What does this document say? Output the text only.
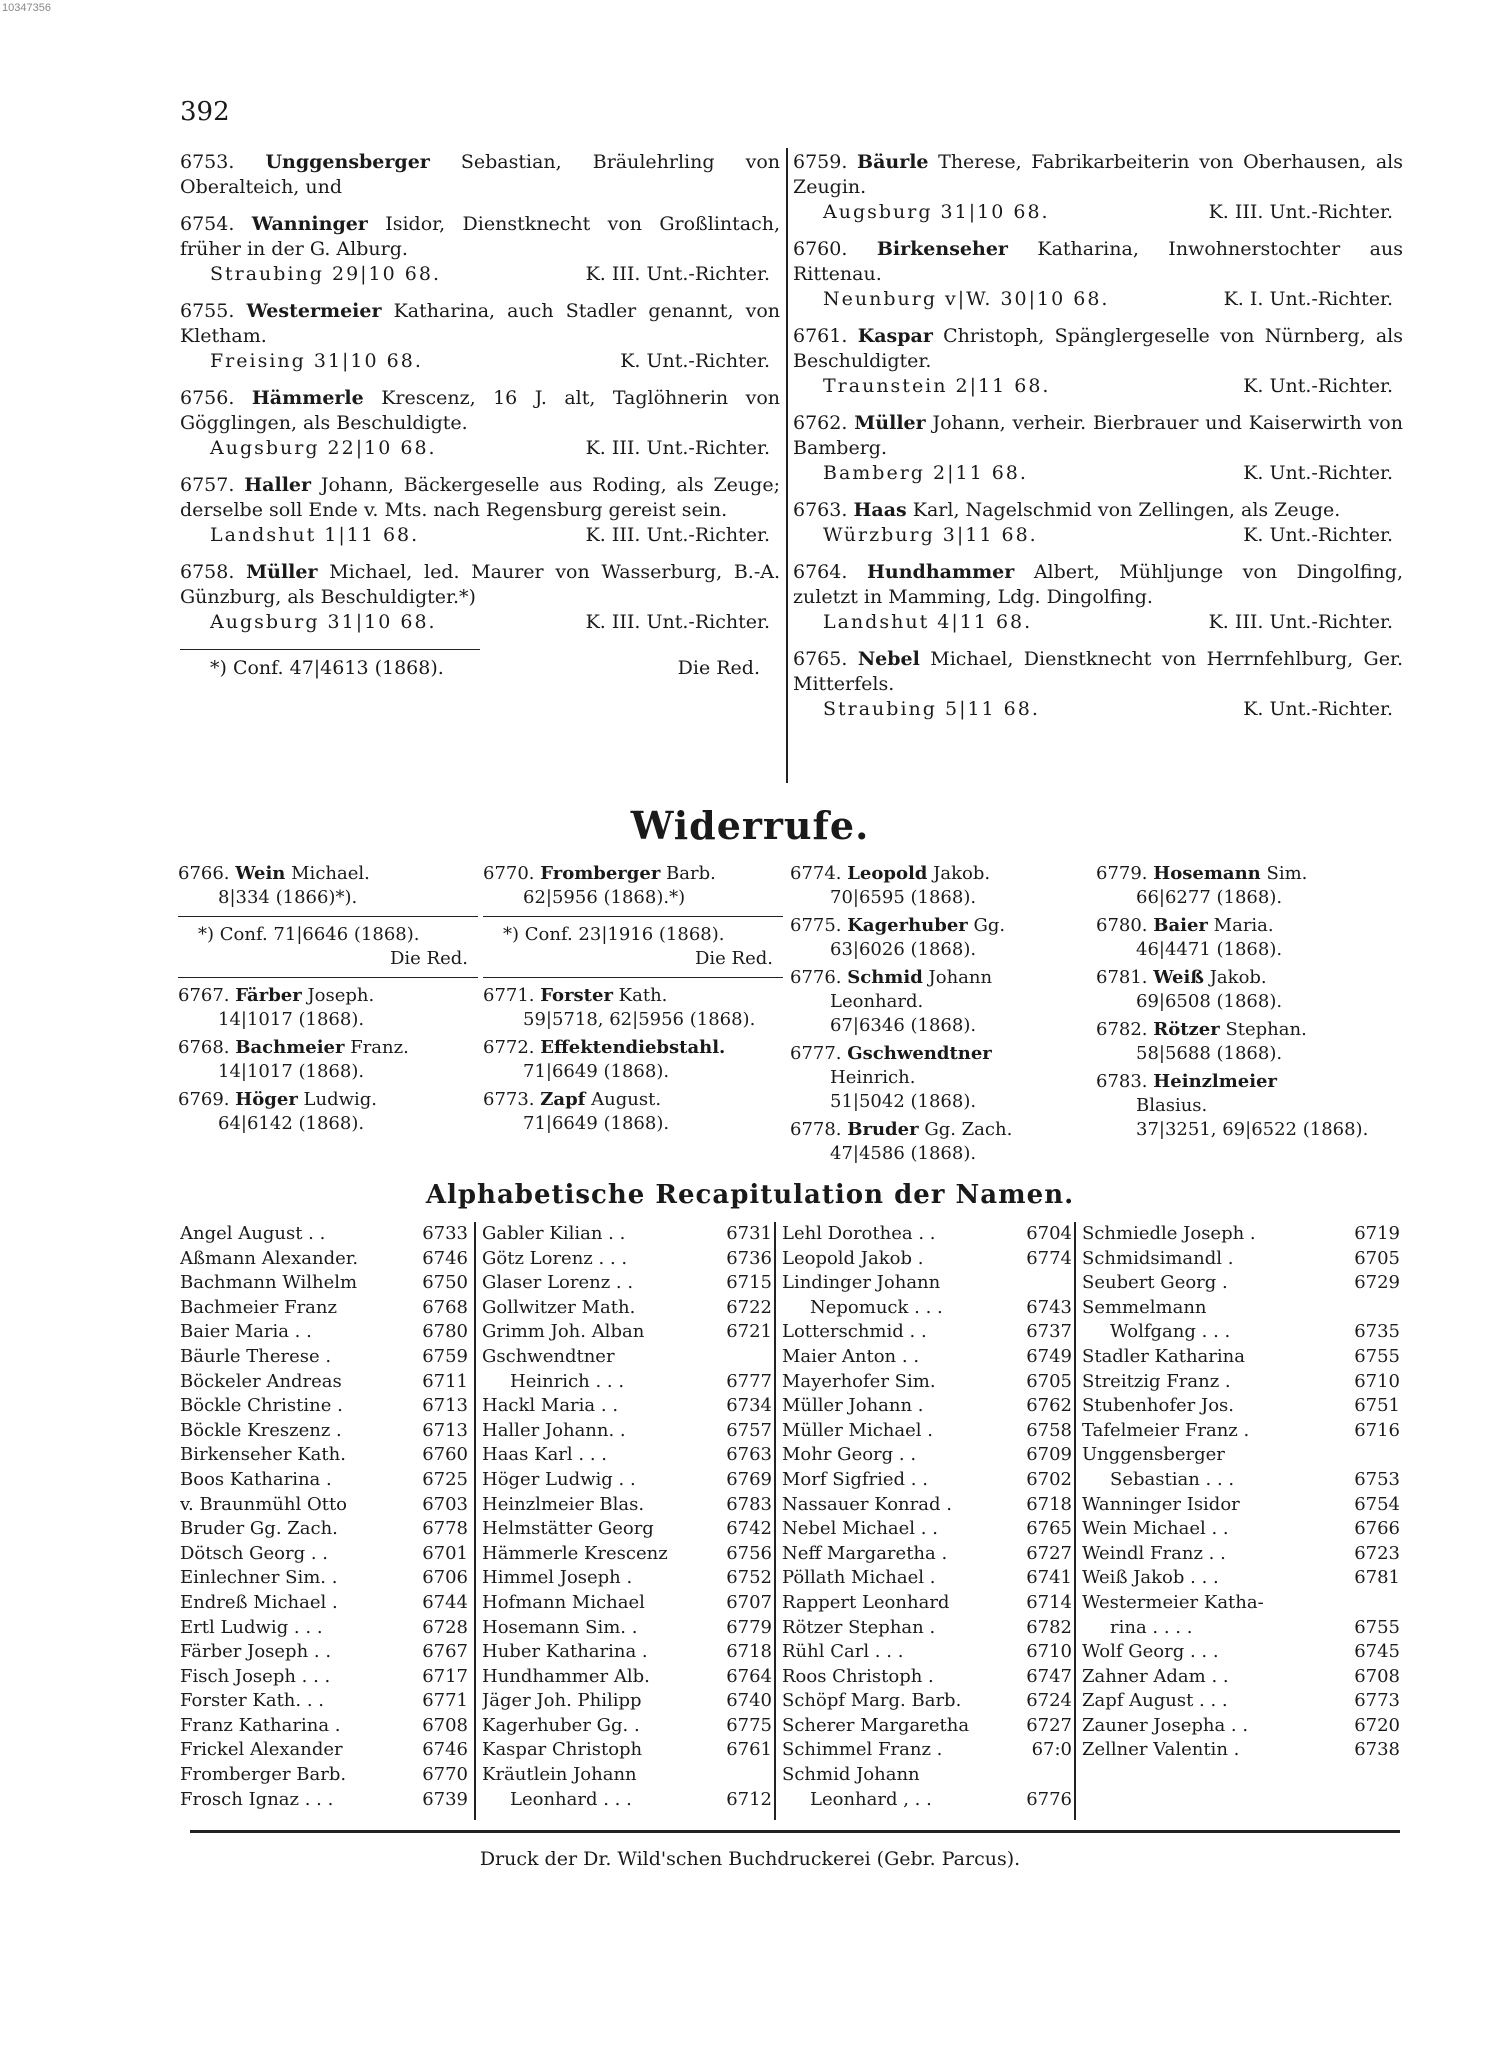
10347356
392

6753. Unggensberger Sebastian, Bräulehrling von Oberalteich, und

6754. Wanninger Isidor, Dienstknecht von Großlintach, früher in der G. Alburg.

Straubing 29|10 68.	K. III. Unt.-Richter.

6755. Westermeier Katharina, auch Stadler genannt, von Kletham.

Freising 31|10 68.	K. Unt.-Richter.

6756. Hämmerle Krescenz, 16 J. alt, Taglöhnerin von Gögglingen, als Beschuldigte.

Augsburg 22|10 68.	K. III. Unt.-Richter.

6757. Haller Johann, Bäckergeselle aus Roding, als Zeuge; derselbe soll Ende v. Mts. nach Regensburg gereist sein.

Landshut 1|11 68.	K. III. Unt.-Richter.

6758. Müller Michael, led. Maurer von Wasserburg, B.-A. Günzburg, als Beschuldigter.*)

Augsburg 31|10 68.	K. III. Unt.-Richter.
*) Conf. 47|4613 (1868).	Die Red.

6759. Bäurle Therese, Fabrikarbeiterin von Oberhausen, als Zeugin.

Augsburg 31|10 68.	K. III. Unt.-Richter.

6760. Birkenseher Katharina, Inwohnerstochter aus Rittenau.

Neunburg v|W. 30|10 68.	K. I. Unt.-Richter.

6761. Kaspar Christoph, Spänglergeselle von Nürnberg, als Beschuldigter.

Traunstein 2|11 68.	K. Unt.-Richter.

6762. Müller Johann, verheir. Bierbrauer und Kaiserwirth von Bamberg.

Bamberg 2|11 68.	K. Unt.-Richter.

6763. Haas Karl, Nagelschmid von Zellingen, als Zeuge.

Würzburg 3|11 68.	K. Unt.-Richter.

6764. Hundhammer Albert, Mühljunge von Dingolfing, zuletzt in Mamming, Ldg. Dingolfing.

Landshut 4|11 68.	K. III. Unt.-Richter.

6765. Nebel Michael, Dienstknecht von Herrnfehlburg, Ger. Mitterfels.

Straubing 5|11 68.	K. Unt.-Richter.
Widerrufe.
6766. Wein Michael.
8|334 (1866)*).
*) Conf. 71|6646 (1868).
Die Red.
6767. Färber Joseph.
14|1017 (1868).
6768. Bachmeier Franz.
14|1017 (1868).
6769. Höger Ludwig.
64|6142 (1868).
6770. Fromberger Barb.
62|5956 (1868).*)
*) Conf. 23|1916 (1868).
Die Red.
6771. Forster Kath.
59|5718, 62|5956 (1868).
6772. Effektendiebstahl.
71|6649 (1868).
6773. Zapf August.
71|6649 (1868).
6774. Leopold Jakob.
70|6595 (1868).
6775. Kagerhuber Gg.
63|6026 (1868).
6776. Schmid Johann
Leonhard.
67|6346 (1868).
6777. Gschwendtner
Heinrich.
51|5042 (1868).
6778. Bruder Gg. Zach.
47|4586 (1868).
6779. Hosemann Sim.
66|6277 (1868).
6780. Baier Maria.
46|4471 (1868).
6781. Weiß Jakob.
69|6508 (1868).
6782. Rötzer Stephan.
58|5688 (1868).
6783. Heinzlmeier
Blasius.
37|3251, 69|6522 (1868).
Alphabetische Recapitulation der Namen.
Angel August . .	6733
Aßmann Alexander.	6746
Bachmann Wilhelm	6750
Bachmeier Franz	6768
Baier Maria . .	6780
Bäurle Therese .	6759
Böckeler Andreas	6711
Böckle Christine .	6713
Böckle Kreszenz .	6713
Birkenseher Kath.	6760
Boos Katharina .	6725
v. Braunmühl Otto	6703
Bruder Gg. Zach.	6778
Dötsch Georg . .	6701
Einlechner Sim. .	6706
Endreß Michael .	6744
Ertl Ludwig . . .	6728
Färber Joseph . .	6767
Fisch Joseph . . .	6717
Forster Kath. . .	6771
Franz Katharina .	6708
Frickel Alexander	6746
Fromberger Barb.	6770
Frosch Ignaz . . .	6739
Gabler Kilian . .	6731
Götz Lorenz . . .	6736
Glaser Lorenz . .	6715
Gollwitzer Math.	6722
Grimm Joh. Alban	6721
Gschwendtner
Heinrich . . .	6777
Hackl Maria . .	6734
Haller Johann. .	6757
Haas Karl . . .	6763
Höger Ludwig . .	6769
Heinzlmeier Blas.	6783
Helmstätter Georg	6742
Hämmerle Krescenz	6756
Himmel Joseph .	6752
Hofmann Michael	6707
Hosemann Sim. .	6779
Huber Katharina .	6718
Hundhammer Alb.	6764
Jäger Joh. Philipp	6740
Kagerhuber Gg. .	6775
Kaspar Christoph	6761
Kräutlein Johann
Leonhard . . .	6712
Lehl Dorothea . .	6704
Leopold Jakob .	6774
Lindinger Johann
Nepomuck . . .	6743
Lotterschmid . .	6737
Maier Anton . .	6749
Mayerhofer Sim.	6705
Müller Johann .	6762
Müller Michael .	6758
Mohr Georg . .	6709
Morf Sigfried . .	6702
Nassauer Konrad .	6718
Nebel Michael . .	6765
Neff Margaretha .	6727
Pöllath Michael .	6741
Rappert Leonhard	6714
Rötzer Stephan .	6782
Rühl Carl . . .	6710
Roos Christoph .	6747
Schöpf Marg. Barb.	6724
Scherer Margaretha	6727
Schimmel Franz .	67:0
Schmid Johann
Leonhard , . .	6776
Schmiedle Joseph .	6719
Schmidsimandl .	6705
Seubert Georg .	6729
Semmelmann
Wolfgang . . .	6735
Stadler Katharina	6755
Streitzig Franz .	6710
Stubenhofer Jos.	6751
Tafelmeier Franz .	6716
Unggensberger
Sebastian . . .	6753
Wanninger Isidor	6754
Wein Michael . .	6766
Weindl Franz . .	6723
Weiß Jakob . . .	6781
Westermeier Katha-
rina . . . .	6755
Wolf Georg . . .	6745
Zahner Adam . .	6708
Zapf August . . .	6773
Zauner Josepha . .	6720
Zellner Valentin .	6738
Druck der Dr. Wild'schen Buchdruckerei (Gebr. Parcus).
